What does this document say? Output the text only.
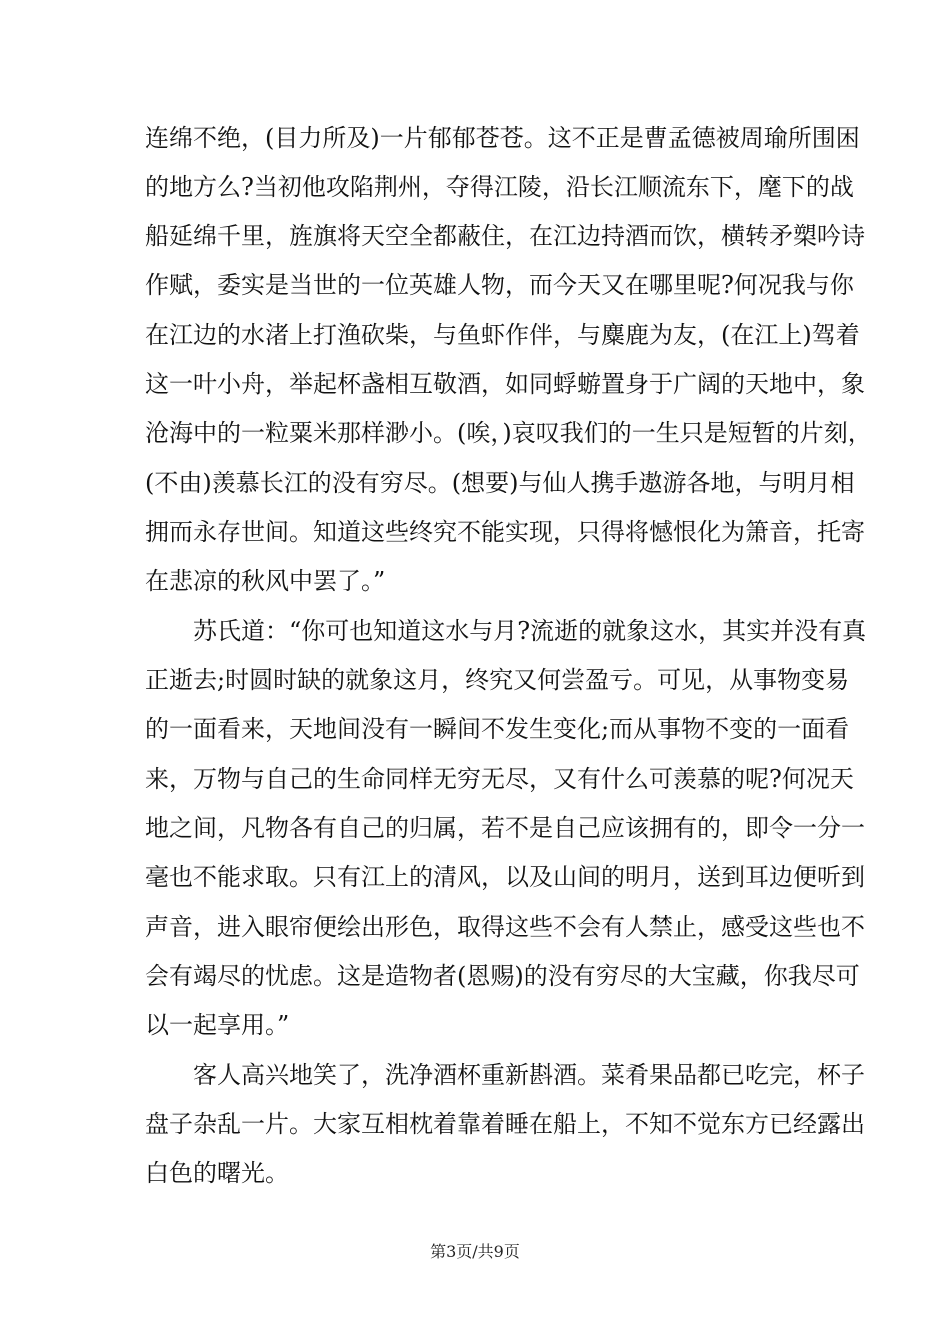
连绵不绝，(目力所及)一片郁郁苍苍。这不正是曹孟德被周瑜所围困
的地方么?当初他攻陷荆州，夺得江陵，沿长江顺流东下，麾下的战
船延绵千里，旌旗将天空全都蔽住，在江边持酒而饮，横转矛槊吟诗
作赋，委实是当世的一位英雄人物，而今天又在哪里呢?何况我与你
在江边的水渚上打渔砍柴，与鱼虾作伴，与麋鹿为友，(在江上)驾着
这一叶小舟，举起杯盏相互敬酒，如同蜉蝣置身于广阔的天地中，象
沧海中的一粒粟米那样渺小。(唉，)哀叹我们的一生只是短暂的片刻，
(不由)羡慕长江的没有穷尽。(想要)与仙人携手遨游各地，与明月相
拥而永存世间。知道这些终究不能实现，只得将憾恨化为箫音，托寄
在悲凉的秋风中罢了。”
苏氏道：“你可也知道这水与月?流逝的就象这水，其实并没有真
正逝去;时圆时缺的就象这月，终究又何尝盈亏。可见，从事物变易
的一面看来，天地间没有一瞬间不发生变化;而从事物不变的一面看
来，万物与自己的生命同样无穷无尽，又有什么可羡慕的呢?何况天
地之间，凡物各有自己的归属，若不是自己应该拥有的，即令一分一
毫也不能求取。只有江上的清风，以及山间的明月，送到耳边便听到
声音，进入眼帘便绘出形色，取得这些不会有人禁止，感受这些也不
会有竭尽的忧虑。这是造物者(恩赐)的没有穷尽的大宝藏，你我尽可
以一起享用。”
客人高兴地笑了，洗净酒杯重新斟酒。菜肴果品都已吃完，杯子
盘子杂乱一片。大家互相枕着靠着睡在船上，不知不觉东方已经露出
白色的曙光。
第3页/共9页
